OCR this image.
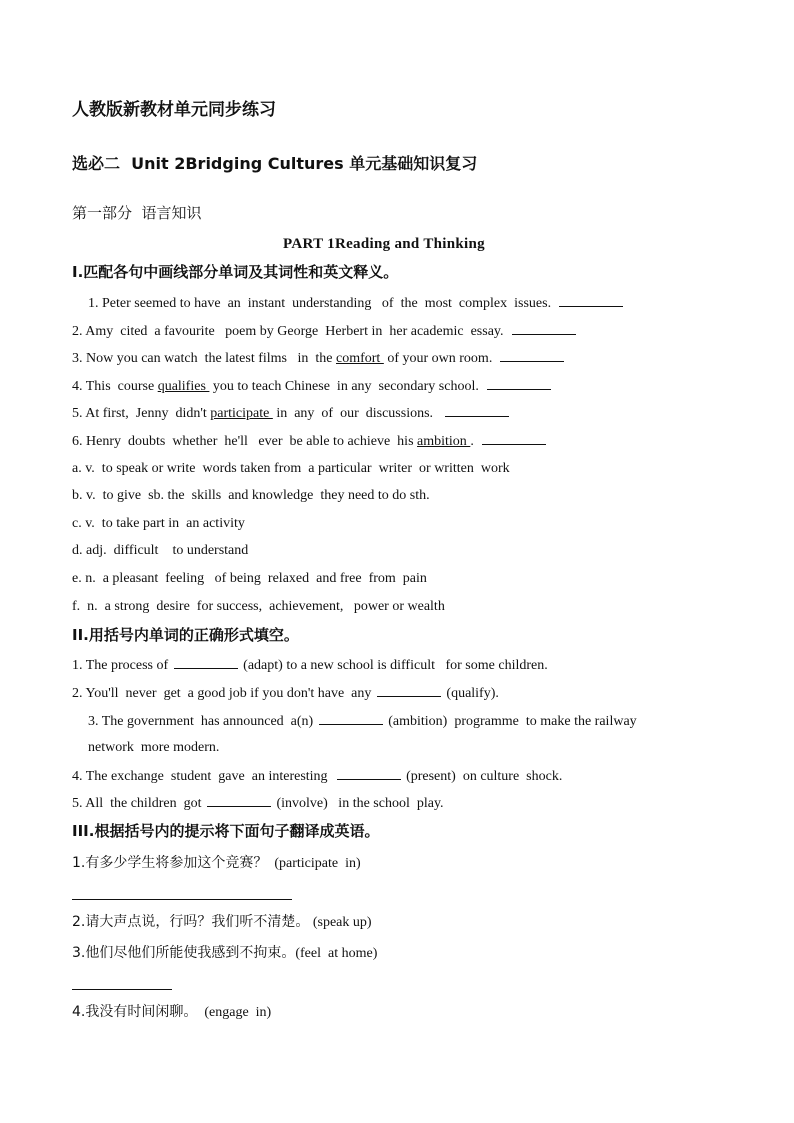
人教版新教材单元同步练习
选必二  Unit 2Bridging Cultures 单元基础知识复习
第一部分  语言知识
PART 1Reading and Thinking
I.匹配各句中画线部分单词及其词性和英文释义。
1. Peter seemed to have  an  instant  understanding   of  the  most  complex  issues.
2. Amy  cited  a favourite   poem by George  Herbert in  her academic  essay.
3. Now you can watch  the latest films   in  the comfort  of your own room.
4. This  course qualifies  you to teach Chinese  in any  secondary school.
5. At first,  Jenny  didn't participate  in  any  of  our  discussions.
6. Henry  doubts  whether  he'll   ever  be able to achieve  his ambition .
a. v.  to speak or write  words taken from  a particular  writer  or written  work
b. v.  to give  sb. the  skills  and knowledge  they need to do sth.
c. v.  to take part in  an activity
d. adj.  difficult    to understand
e. n.  a pleasant  feeling   of being  relaxed  and free  from  pain
f.  n.  a strong  desire  for success,  achievement,   power or wealth
II.用括号内单词的正确形式填空。
1. The process of	(adapt) to a new school is difficult   for some children.
2. You'll  never  get  a good job if you don't have  any	(qualify).
3. The government  has announced  a(n)	(ambition)  programme  to make the railway
network  more modern.
4. The exchange  student  gave  an interesting	(present)  on culture  shock.
5. All  the children  got	(involve)   in the school  play.
III.根据括号内的提示将下面句子翻译成英语。
1.有多少学生将参加这个竞赛？  (participate  in)
2.请大声点说，行吗？我们听不清楚。 (speak up)
3.他们尽他们所能使我感到不拘束。(feel  at home)
4.我没有时间闲聊。  (engage  in)
